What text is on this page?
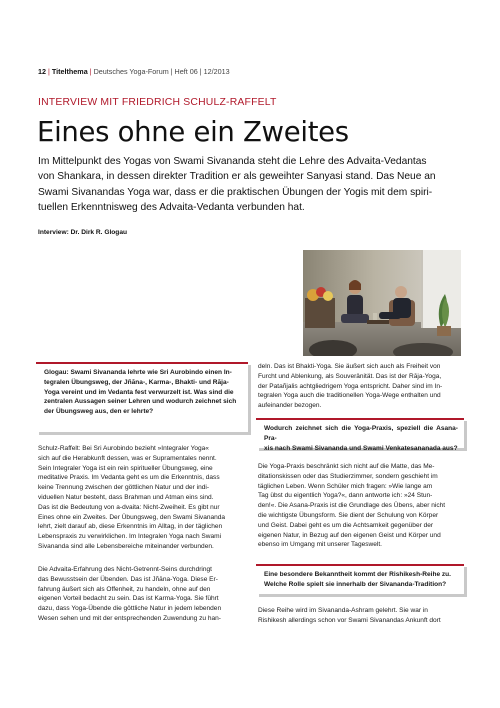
12 | Titelthema | Deutsches Yoga-Forum | Heft 06 | 12/2013
INTERVIEW MIT FRIEDRICH SCHULZ-RAFFELT
Eines ohne ein Zweites
Im Mittelpunkt des Yogas von Swami Sivananda steht die Lehre des Advaita-Vedantas
von Shankara, in dessen direkter Tradition er als geweihter Sanyasi stand. Das Neue an
Swami Sivanandas Yoga war, dass er die praktischen Übungen der Yogis mit dem spiri-
tuellen Erkenntnisweg des Advaita-Vedanta verbunden hat.
Interview: Dr. Dirk R. Glogau
Glogau: Swami Sivananda lehrte wie Sri Aurobindo einen In-
tegralen Übungsweg, der Jñāna-, Karma-, Bhakti- und Rāja-
Yoga vereint und im Vedanta fest verwurzelt ist. Was sind die
zentralen Aussagen seiner Lehren und wodurch zeichnet sich
der Übungsweg aus, den er lehrte?
Schulz-Raffelt: Bei Sri Aurobindo bezieht »Integraler Yoga«
sich auf die Herabkunft dessen, was er Supramentales nennt.
Sein Integraler Yoga ist ein rein spiritueller Übungsweg, eine
meditative Praxis. Im Vedanta geht es um die Erkenntnis, dass
keine Trennung zwischen der göttlichen Natur und der indi-
viduellen Natur besteht, dass Brahman und Atman eins sind.
Das ist die Bedeutung von a-dvaita: Nicht-Zweiheit. Es gibt nur
Eines ohne ein Zweites. Der Übungsweg, den Swami Sivananda
lehrt, zielt darauf ab, diese Erkenntnis im Alltag, in der täglichen
Lebenspraxis zu verwirklichen. Im Integralen Yoga nach Swami
Sivananda sind alle Lebensbereiche miteinander verbunden.
Die Advaita-Erfahrung des Nicht-Getrennt-Seins durchdringt
das Bewusstsein der Übenden. Das ist Jñāna-Yoga. Diese Er-
fahrung äußert sich als Offenheit, zu handeln, ohne auf den
eigenen Vorteil bedacht zu sein. Das ist Karma-Yoga. Sie führt
dazu, dass Yoga-Übende die göttliche Natur in jedem lebenden
Wesen sehen und mit der entsprechenden Zuwendung zu han-
deln. Das ist Bhakti-Yoga. Sie äußert sich auch als Freiheit von
Furcht und Ablenkung, als Souveränität. Das ist der Rāja-Yoga,
der Patañjalis achtgliedrigem Yoga entspricht. Daher sind im In-
tegralen Yoga auch die traditionellen Yoga-Wege enthalten und
aufeinander bezogen.
Wodurch zeichnet sich die Yoga-Praxis, speziell die Asana-Pra-
xis nach Swami Sivananda und Swami Venkatesananada aus?
Die Yoga-Praxis beschränkt sich nicht auf die Matte, das Me-
ditationskissen oder das Studierzimmer, sondern geschieht im
täglichen Leben. Wenn Schüler mich fragen: »Wie lange am
Tag übst du eigentlich Yoga?«, dann antworte ich: »24 Stun-
den!«. Die Asana-Praxis ist die Grundlage des Übens, aber nicht
die wichtigste Übungsform. Sie dient der Schulung von Körper
und Geist. Dabei geht es um die Achtsamkeit gegenüber der
eigenen Natur, in Bezug auf den eigenen Geist und Körper und
ebenso im Umgang mit unserer Tageswelt.
Eine besondere Bekanntheit kommt der Rishikesh-Reihe zu.
Welche Rolle spielt sie innerhalb der Sivananda-Tradition?
Diese Reihe wird im Sivananda-Ashram gelehrt. Sie war in
Rishikesh allerdings schon vor Swami Sivanandas Ankunft dort
